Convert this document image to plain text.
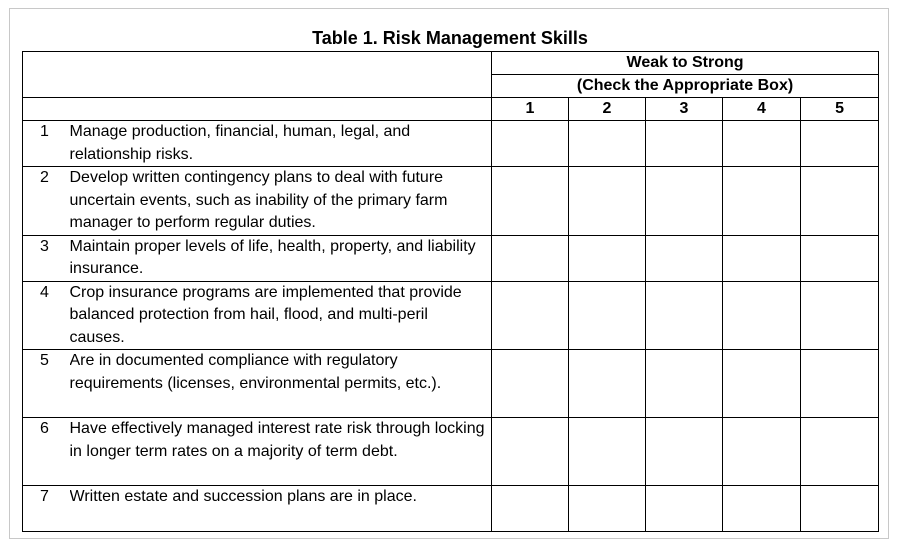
Table 1. Risk Management Skills

		Weak to Strong
(Check the Appropriate Box)				

		1	2	3	4	5
1	Manage production, financial, human, legal, and relationship risks.					
2	Develop written contingency plans to deal with future uncertain events, such as inability of the primary farm manager to perform regular duties.					
3	Maintain proper levels of life, health, property, and liability insurance.					
4	Crop insurance programs are implemented that provide balanced protection from hail, flood, and multi-peril causes.					
5	Are in documented compliance with regulatory requirements (licenses, environmental permits, etc.).					
6	Have effectively managed interest rate risk through locking in longer term rates on a majority of term debt.					
7	Written estate and succession plans are in place.					
